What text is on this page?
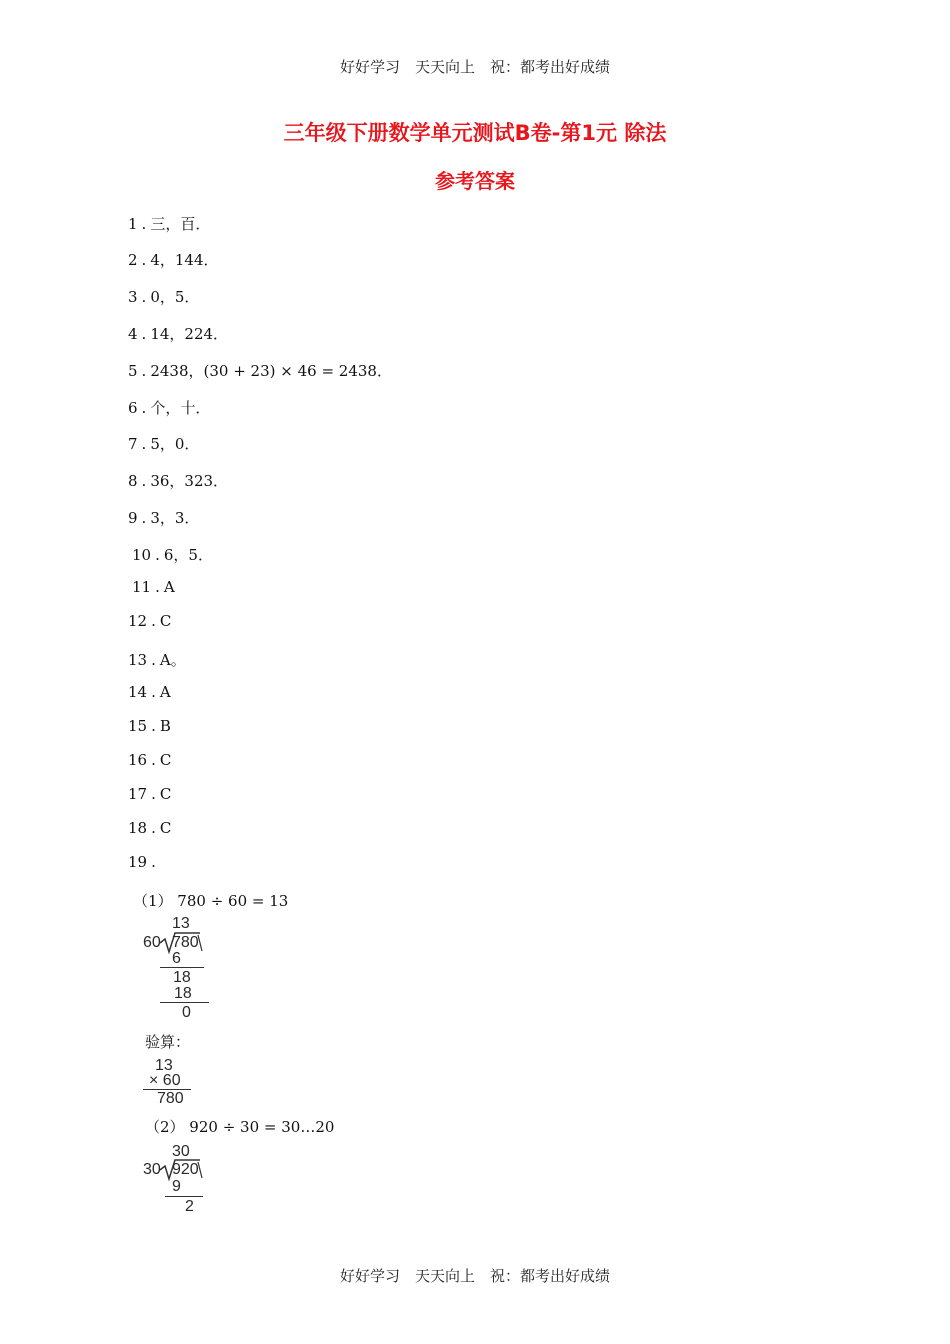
好好学习　天天向上　祝：都考出好成绩
三年级下册数学单元测试B卷-第1元 除法
参考答案
1 . 三，百．
2 . 4，144．
3 . 0，5．
4 . 14，224．
5 . 2438，(30 + 23) × 46 = 2438．
6 . 个，十．
7 . 5，0．
8 . 36，323．
9 . 3，3．
10 . 6，5．
11 . A
12 . C
13 . A。
14 . A
15 . B
16 . C
17 . C
18 . C
19 .
（1） 780 ÷ 60 = 13
13
60 780
6
18
18
0
验算：
13
× 60
780
（2） 920 ÷ 30 = 30…20
30
30 920
9
2
好好学习　天天向上　祝：都考出好成绩
